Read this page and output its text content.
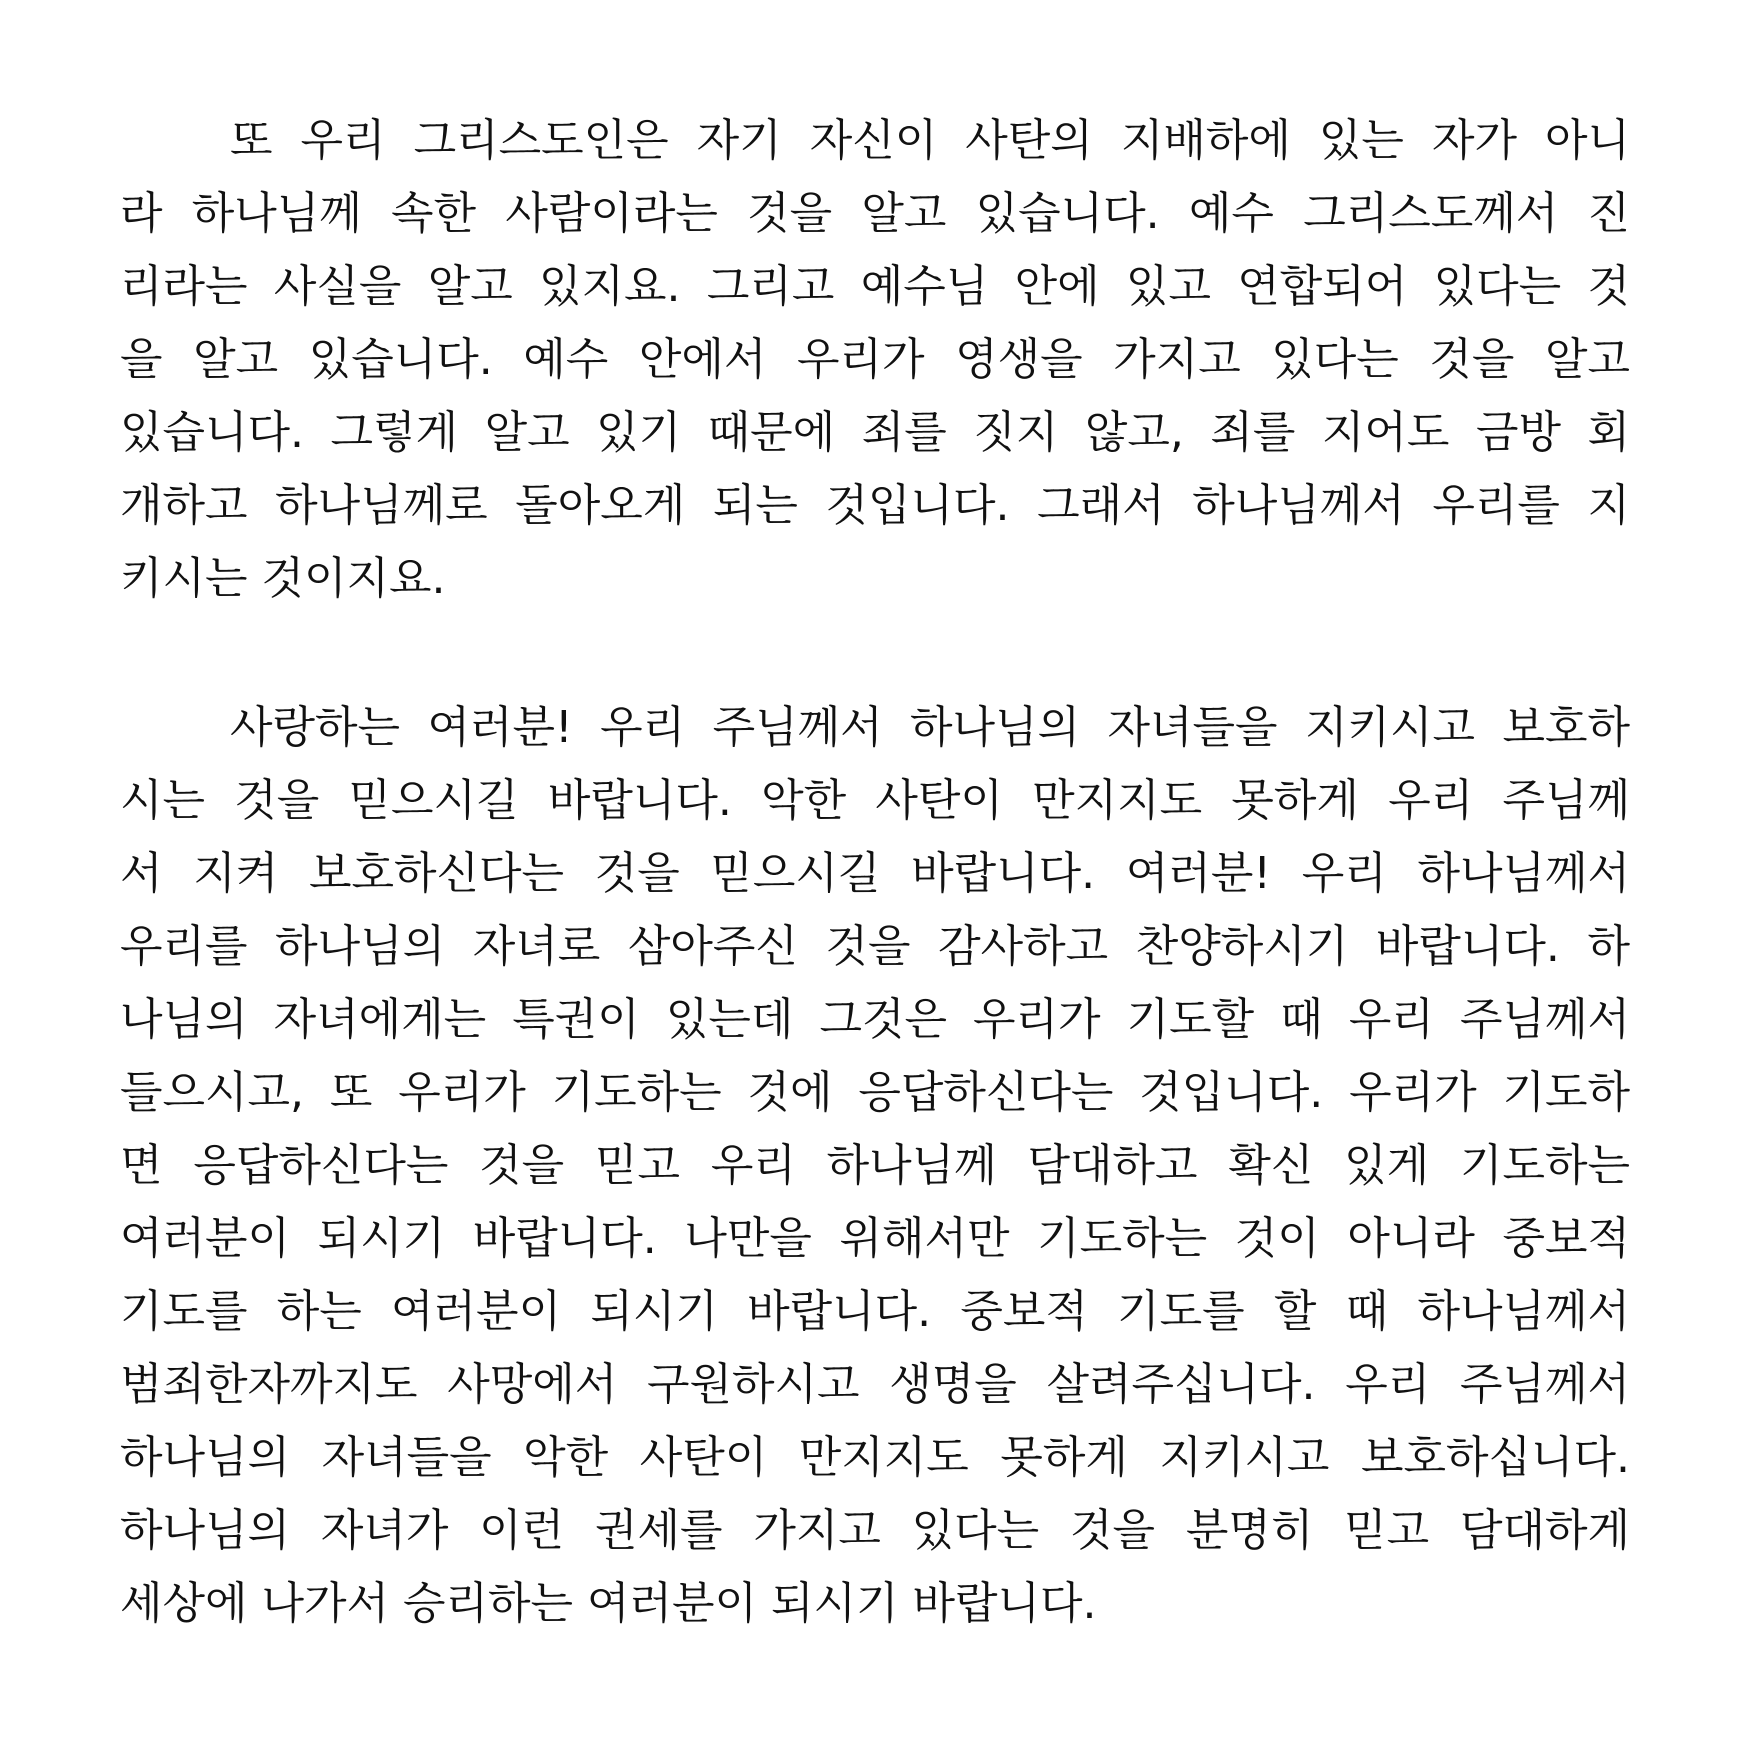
또 우리 그리스도인은 자기 자신이 사탄의 지배하에 있는 자가 아니
라 하나님께 속한 사람이라는 것을 알고 있습니다. 예수 그리스도께서 진
리라는 사실을 알고 있지요. 그리고 예수님 안에 있고 연합되어 있다는 것
을 알고 있습니다. 예수 안에서 우리가 영생을 가지고 있다는 것을 알고
있습니다. 그렇게 알고 있기 때문에 죄를 짓지 않고, 죄를 지어도 금방 회
개하고 하나님께로 돌아오게 되는 것입니다. 그래서 하나님께서 우리를 지
키시는 것이지요.
사랑하는 여러분! 우리 주님께서 하나님의 자녀들을 지키시고 보호하
시는 것을 믿으시길 바랍니다. 악한 사탄이 만지지도 못하게 우리 주님께
서 지켜 보호하신다는 것을 믿으시길 바랍니다. 여러분! 우리 하나님께서
우리를 하나님의 자녀로 삼아주신 것을 감사하고 찬양하시기 바랍니다. 하
나님의 자녀에게는 특권이 있는데 그것은 우리가 기도할 때 우리 주님께서
들으시고, 또 우리가 기도하는 것에 응답하신다는 것입니다. 우리가 기도하
면 응답하신다는 것을 믿고 우리 하나님께 담대하고 확신 있게 기도하는
여러분이 되시기 바랍니다. 나만을 위해서만 기도하는 것이 아니라 중보적
기도를 하는 여러분이 되시기 바랍니다. 중보적 기도를 할 때 하나님께서
범죄한자까지도 사망에서 구원하시고 생명을 살려주십니다. 우리 주님께서
하나님의 자녀들을 악한 사탄이 만지지도 못하게 지키시고 보호하십니다.
하나님의 자녀가 이런 권세를 가지고 있다는 것을 분명히 믿고 담대하게
세상에 나가서 승리하는 여러분이 되시기 바랍니다.
